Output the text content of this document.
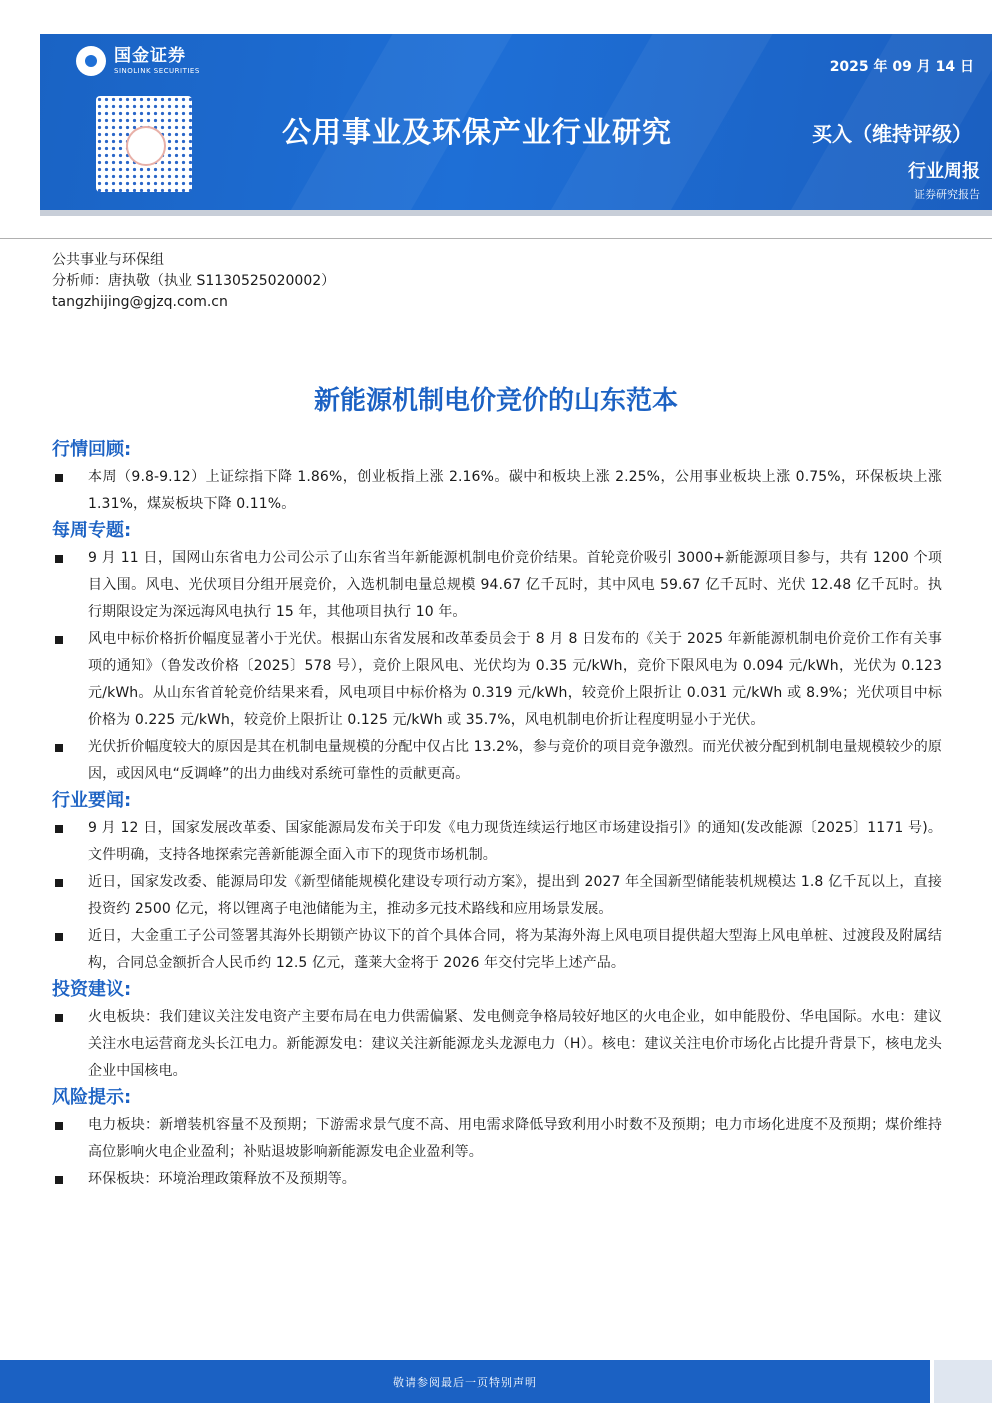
国金证券
SINOLINK SECURITIES	2025 年 09 月 14 日
公用事业及环保产业行业研究	买入（维持评级）
行业周报
证券研究报告
公共事业与环保组
分析师：唐执敬（执业 S1130525020002）
tangzhijing@gjzq.com.cn
新能源机制电价竞价的山东范本
行情回顾:
本周（9.8-9.12）上证综指下降 1.86%，创业板指上涨 2.16%。碳中和板块上涨 2.25%，公用事业板块上涨 0.75%，环保板块上涨 1.31%，煤炭板块下降 0.11%。
每周专题:
9 月 11 日，国网山东省电力公司公示了山东省当年新能源机制电价竞价结果。首轮竞价吸引 3000+新能源项目参与，共有 1200 个项目入围。风电、光伏项目分组开展竞价，入选机制电量总规模 94.67 亿千瓦时，其中风电 59.67 亿千瓦时、光伏 12.48 亿千瓦时。执行期限设定为深远海风电执行 15 年，其他项目执行 10 年。
风电中标价格折价幅度显著小于光伏。根据山东省发展和改革委员会于 8 月 8 日发布的《关于 2025 年新能源机制电价竞价工作有关事项的通知》（鲁发改价格〔2025〕578 号），竞价上限风电、光伏均为 0.35 元/kWh，竞价下限风电为 0.094 元/kWh，光伏为 0.123 元/kWh。从山东省首轮竞价结果来看，风电项目中标价格为 0.319 元/kWh，较竞价上限折让 0.031 元/kWh 或 8.9%；光伏项目中标价格为 0.225 元/kWh，较竞价上限折让 0.125 元/kWh 或 35.7%，风电机制电价折让程度明显小于光伏。
光伏折价幅度较大的原因是其在机制电量规模的分配中仅占比 13.2%，参与竞价的项目竞争激烈。而光伏被分配到机制电量规模较少的原因，或因风电“反调峰”的出力曲线对系统可靠性的贡献更高。
行业要闻:
9 月 12 日，国家发展改革委、国家能源局发布关于印发《电力现货连续运行地区市场建设指引》的通知(发改能源〔2025〕1171 号)。文件明确，支持各地探索完善新能源全面入市下的现货市场机制。
近日，国家发改委、能源局印发《新型储能规模化建设专项行动方案》，提出到 2027 年全国新型储能装机规模达 1.8 亿千瓦以上，直接投资约 2500 亿元，将以锂离子电池储能为主，推动多元技术路线和应用场景发展。
近日，大金重工子公司签署其海外长期锁产协议下的首个具体合同，将为某海外海上风电项目提供超大型海上风电单桩、过渡段及附属结构，合同总金额折合人民币约 12.5 亿元，蓬莱大金将于 2026 年交付完毕上述产品。
投资建议:
火电板块：我们建议关注发电资产主要布局在电力供需偏紧、发电侧竞争格局较好地区的火电企业，如申能股份、华电国际。水电：建议关注水电运营商龙头长江电力。新能源发电：建议关注新能源龙头龙源电力（H）。核电：建议关注电价市场化占比提升背景下，核电龙头企业中国核电。
风险提示:
电力板块：新增装机容量不及预期；下游需求景气度不高、用电需求降低导致利用小时数不及预期；电力市场化进度不及预期；煤价维持高位影响火电企业盈利；补贴退坡影响新能源发电企业盈利等。
环保板块：环境治理政策释放不及预期等。
敬请参阅最后一页特别声明
